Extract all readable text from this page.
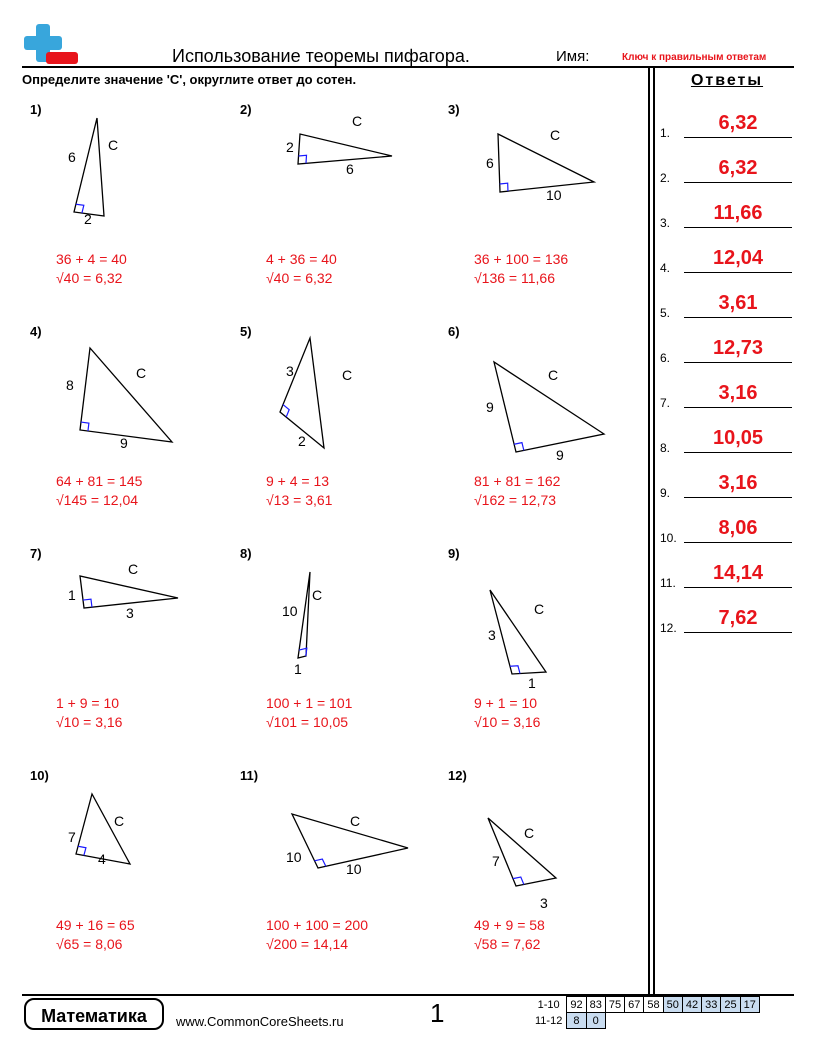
Использование теоремы пифагора.	Имя:	Ключ к правильным ответам
Определите значение 'C', округлите ответ до сотен.	Ответы
1.	6,32
2.	6,32
3.	11,66
4.	12,04
5.	3,61
6.	12,73
7.	3,16
8.	10,05
9.	3,16
10.	8,06
11.	14,14
12.	7,62
1)
6
2
C
36 + 4 = 40
√40 = 6,32
2)
2
6
C
4 + 36 = 40
√40 = 6,32
3)
6
10
C
36 + 100 = 136
√136 = 11,66
4)
8
9
C
64 + 81 = 145
√145 = 12,04
5)
3
2
C
9 + 4 = 13
√13 = 3,61
6)
9
9
C
81 + 81 = 162
√162 = 12,73
7)
1
3
C
1 + 9 = 10
√10 = 3,16
8)
10
1
C
100 + 1 = 101
√101 = 10,05
9)
3
1
C
9 + 1 = 10
√10 = 3,16
10)
7
4
C
49 + 16 = 65
√65 = 8,06
11)
10
10
C
100 + 100 = 200
√200 = 14,14
12)
7
3
C
49 + 9 = 58
√58 = 7,62
Математика	www.CommonCoreSheets.ru	1	1-10	92	83	75	67	58	50	42	33	25	17
11-12	8	0								
